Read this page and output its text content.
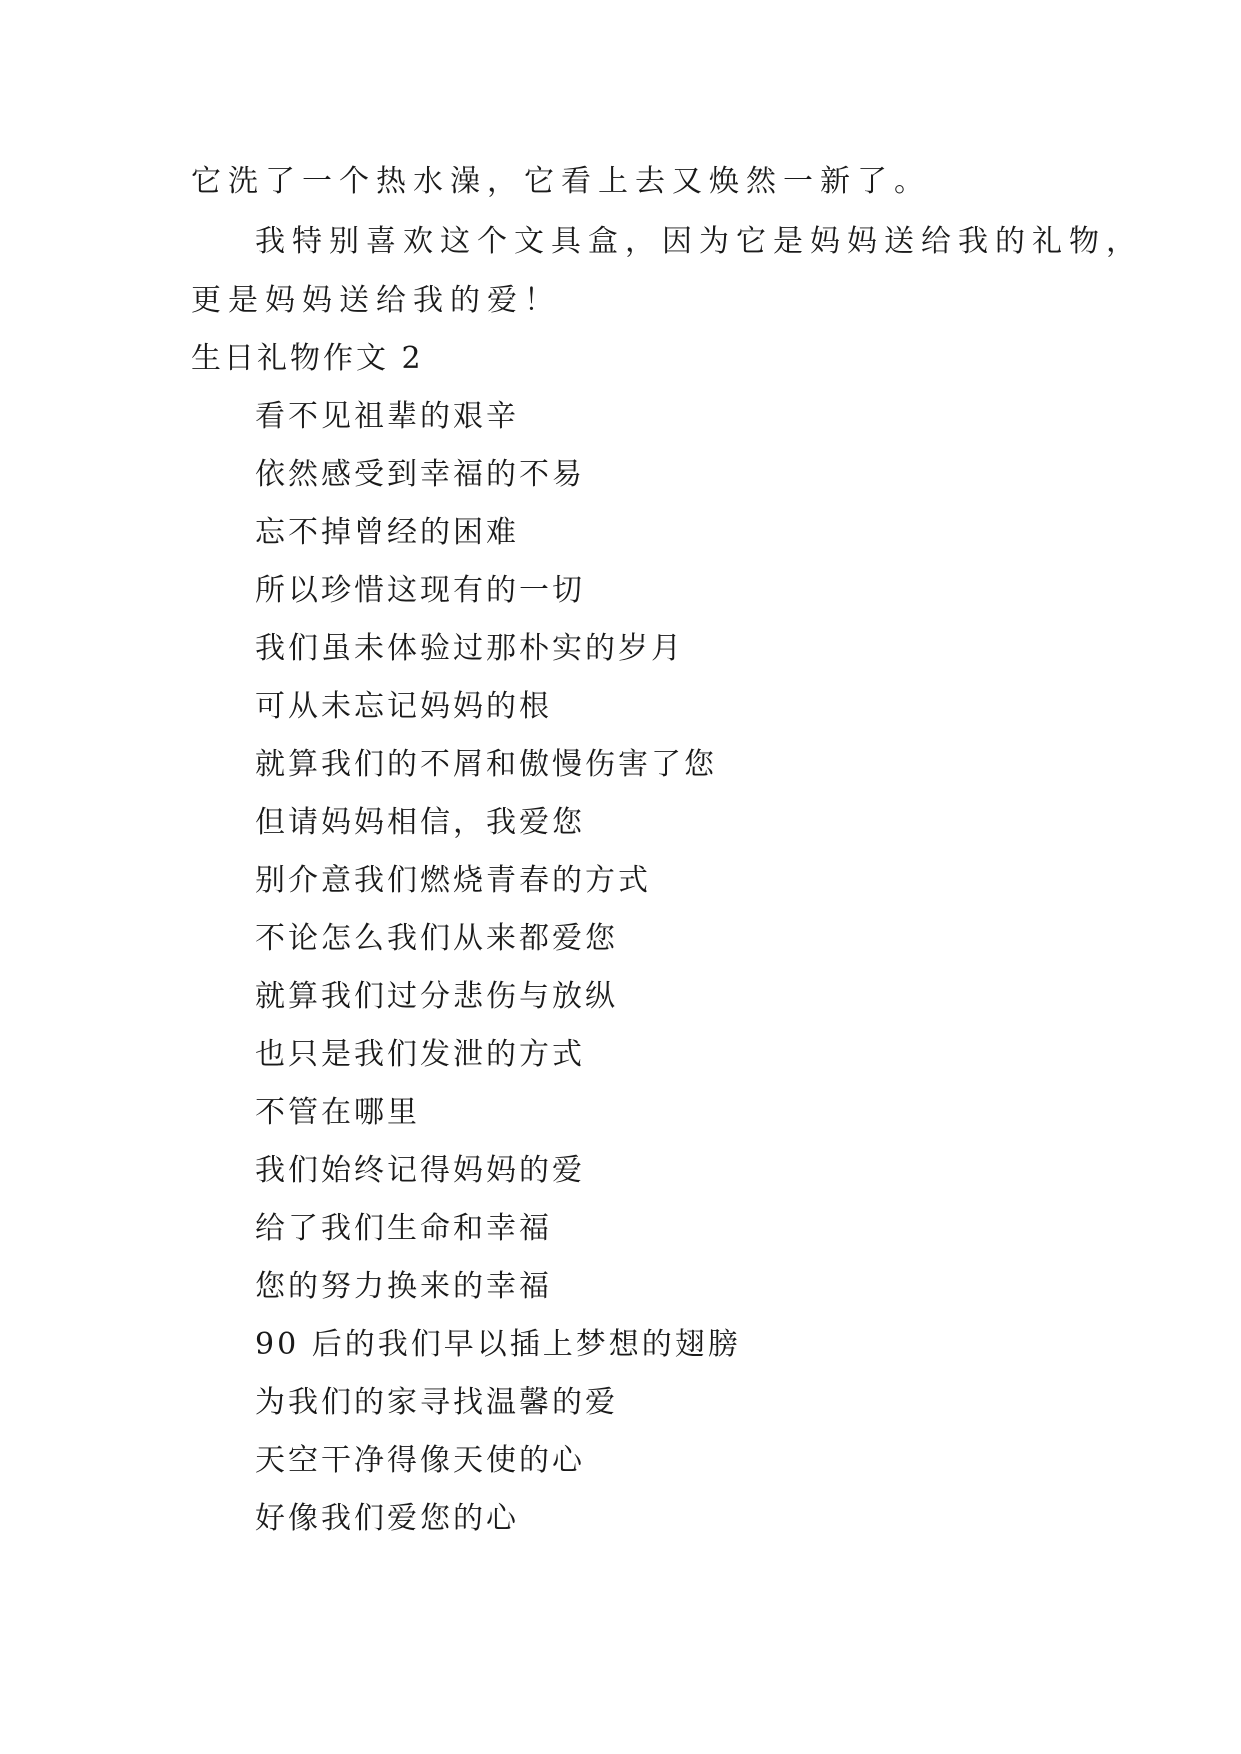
它洗了一个热水澡，它看上去又焕然一新了。
我特别喜欢这个文具盒，因为它是妈妈送给我的礼物，
更是妈妈送给我的爱！
生日礼物作文 2
看不见祖辈的艰辛
依然感受到幸福的不易
忘不掉曾经的困难
所以珍惜这现有的一切
我们虽未体验过那朴实的岁月
可从未忘记妈妈的根
就算我们的不屑和傲慢伤害了您
但请妈妈相信，我爱您
别介意我们燃烧青春的方式
不论怎么我们从来都爱您
就算我们过分悲伤与放纵
也只是我们发泄的方式
不管在哪里
我们始终记得妈妈的爱
给了我们生命和幸福
您的努力换来的幸福
90 后的我们早以插上梦想的翅膀
为我们的家寻找温馨的爱
天空干净得像天使的心
好像我们爱您的心
